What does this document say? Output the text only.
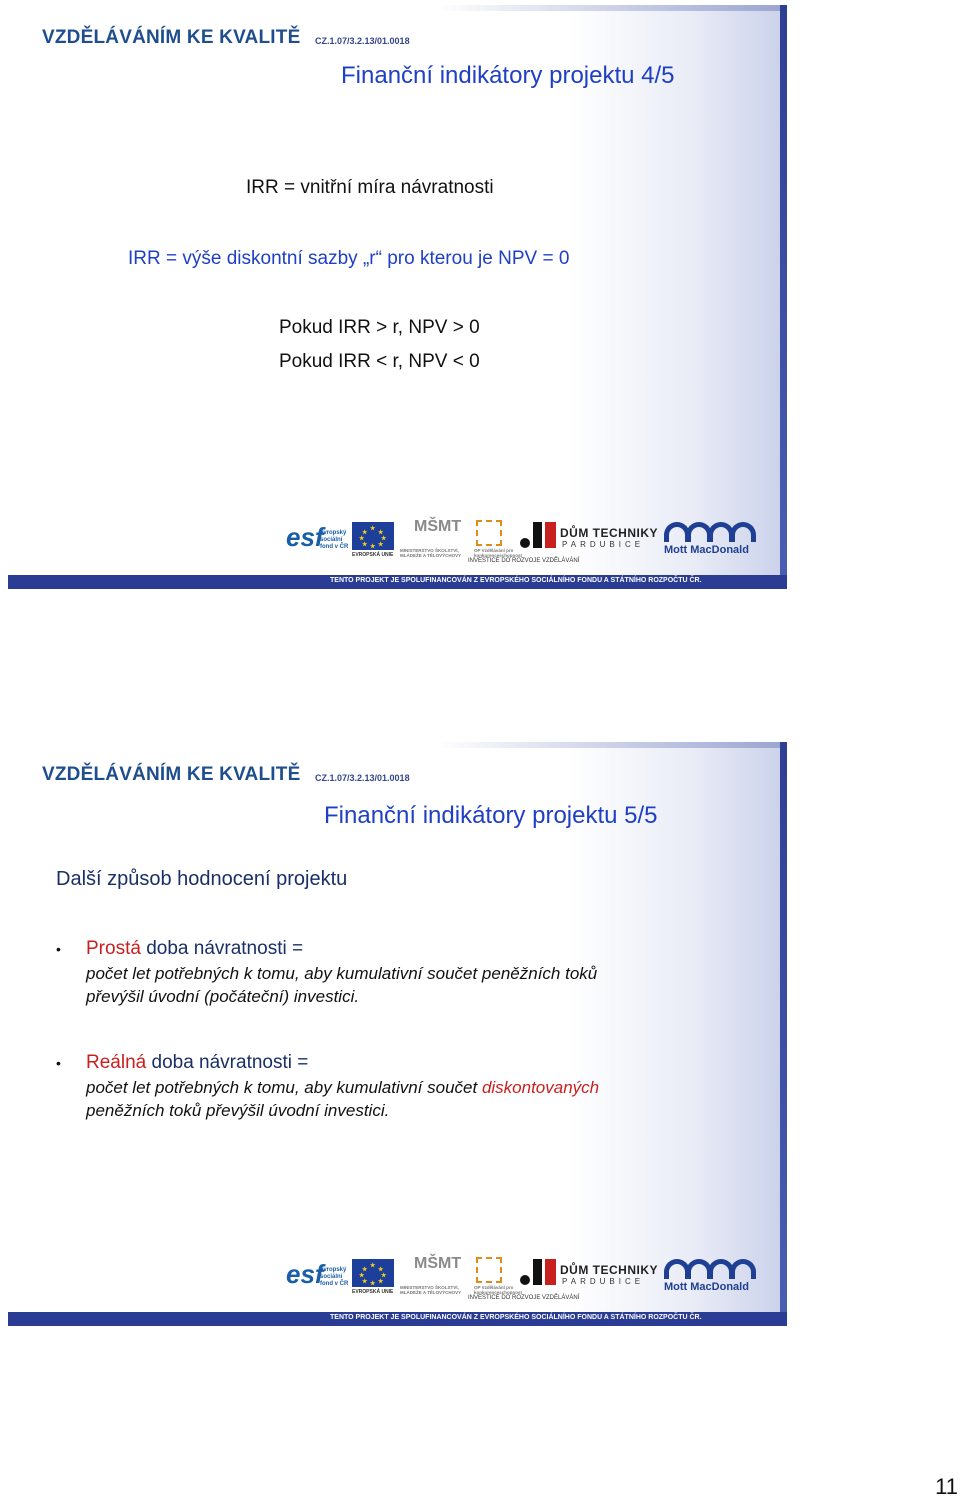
VZDĚLÁVÁNÍM KE KVALITĚ CZ.1.07/3.2.13/01.0018
Finanční indikátory projektu 4/5
IRR = vnitřní míra návratnosti
IRR = výše diskontní sazby „r“ pro kterou je NPV = 0
Pokud IRR > r, NPV > 0
Pokud IRR < r, NPV < 0
esf
evropský sociální fond v ČR
★
★ ★
★	★
★ ★
★
EVROPSKÁ UNIE
MŠMT
MINISTERSTVO ŠKOLSTVÍ, MLÁDEŽE A TĚLOVÝCHOVY
OP Vzdělávání pro konkurenceschopnost
DŮM TECHNIKY
PARDUBICE
INVESTICE DO ROZVOJE VZDĚLÁVÁNÍ
Mott MacDonald
TENTO PROJEKT JE SPOLUFINANCOVÁN Z EVROPSKÉHO SOCIÁLNÍHO FONDU A STÁTNÍHO ROZPOČTU ČR.
VZDĚLÁVÁNÍM KE KVALITĚ CZ.1.07/3.2.13/01.0018
Finanční indikátory projektu 5/5
Další způsob hodnocení projektu
• Prostá doba návratnosti =
počet let potřebných k tomu, aby kumulativní součet peněžních toků
převýšil úvodní (počáteční) investici.
• Reálná doba návratnosti =
počet let potřebných k tomu, aby kumulativní součet diskontovaných
peněžních toků převýšil úvodní investici.
esf
evropský sociální fond v ČR
★
★ ★
★	★
★ ★
★
EVROPSKÁ UNIE
MŠMT
MINISTERSTVO ŠKOLSTVÍ, MLÁDEŽE A TĚLOVÝCHOVY
OP Vzdělávání pro konkurenceschopnost
DŮM TECHNIKY
PARDUBICE
INVESTICE DO ROZVOJE VZDĚLÁVÁNÍ
Mott MacDonald
TENTO PROJEKT JE SPOLUFINANCOVÁN Z EVROPSKÉHO SOCIÁLNÍHO FONDU A STÁTNÍHO ROZPOČTU ČR.
11
